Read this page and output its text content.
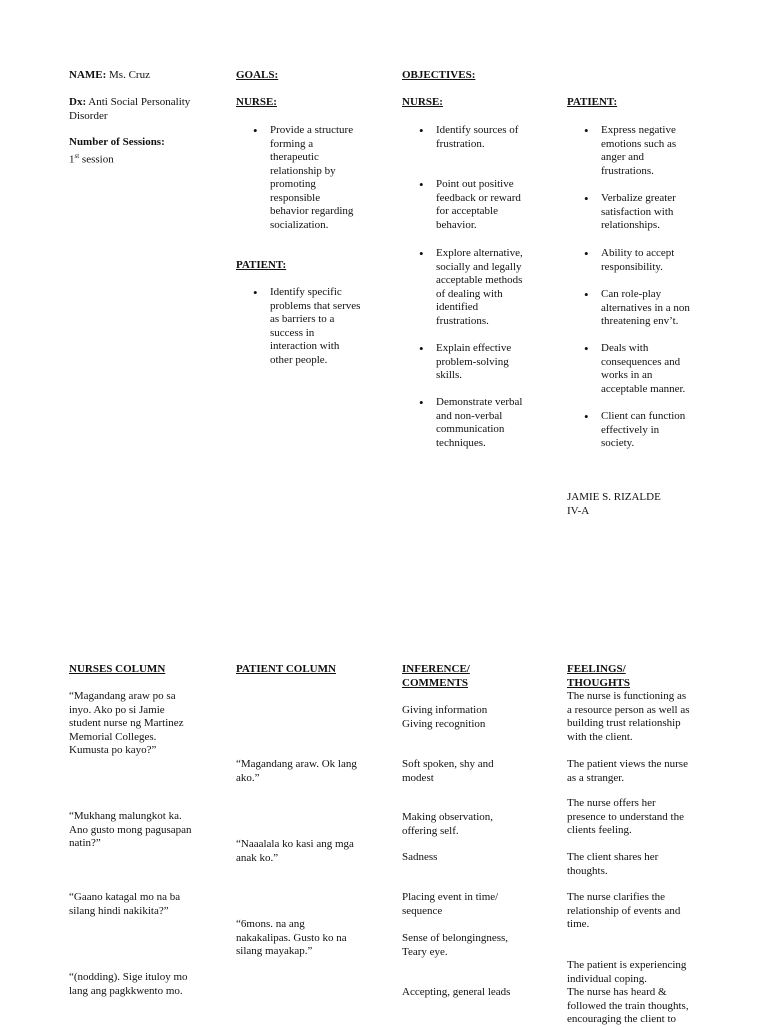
NAME: Ms. Cruz
Dx: Anti Social Personality
Disorder
Number of Sessions:
1st session
GOALS:
NURSE:
• Provide a structure
forming a
therapeutic
relationship by
promoting
responsible
behavior regarding
socialization.
PATIENT:
• Identify specific
problems that serves
as barriers to a
success in
interaction with
other people.
OBJECTIVES:
NURSE:
• Identify sources of
frustration.
• Point out positive
feedback or reward
for acceptable
behavior.
• Explore alternative,
socially and legally
acceptable methods
of dealing with
identified
frustrations.
• Explain effective
problem-solving
skills.
• Demonstrate verbal
and non-verbal
communication
techniques.
PATIENT:
• Express negative
emotions such as
anger and
frustrations.
• Verbalize greater
satisfaction with
relationships.
• Ability to accept
responsibility.
• Can role-play
alternatives in a non
threatening env’t.
• Deals with
consequences and
works in an
acceptable manner.
• Client can function
effectively in
society.
JAMIE S. RIZALDE
IV-A
NURSES COLUMN	PATIENT COLUMN	INFERENCE/
COMMENTS
FEELINGS/
THOUGHTS
“Magandang araw po sa
inyo. Ako po si Jamie
student nurse ng Martinez
Memorial Colleges.
Kumusta po kayo?”
“Mukhang malungkot ka.
Ano gusto mong pagusapan
natin?”
“Gaano katagal mo na ba
silang hindi nakikita?”
“(nodding). Sige ituloy mo
lang ang pagkkwento mo.
“Magandang araw. Ok lang
ako.”
“Naaalala ko kasi ang mga
anak ko.”
“6mons. na ang
nakakalipas. Gusto ko na
silang mayakap.”
Giving information
Giving recognition
Soft spoken, shy and
modest
Making observation,
offering self.
Sadness
Placing event in time/
sequence
Sense of belongingness,
Teary eye.
Accepting, general leads
The nurse is functioning as
a resource person as well as
building trust relationship
with the client.
The patient views the nurse
as a stranger.
The nurse offers her
presence to understand the
clients feeling.
The client shares her
thoughts.
The nurse clarifies the
relationship of events and
time.
The patient is experiencing
individual coping.
The nurse has heard &
followed the train thoughts,
encouraging the client to
